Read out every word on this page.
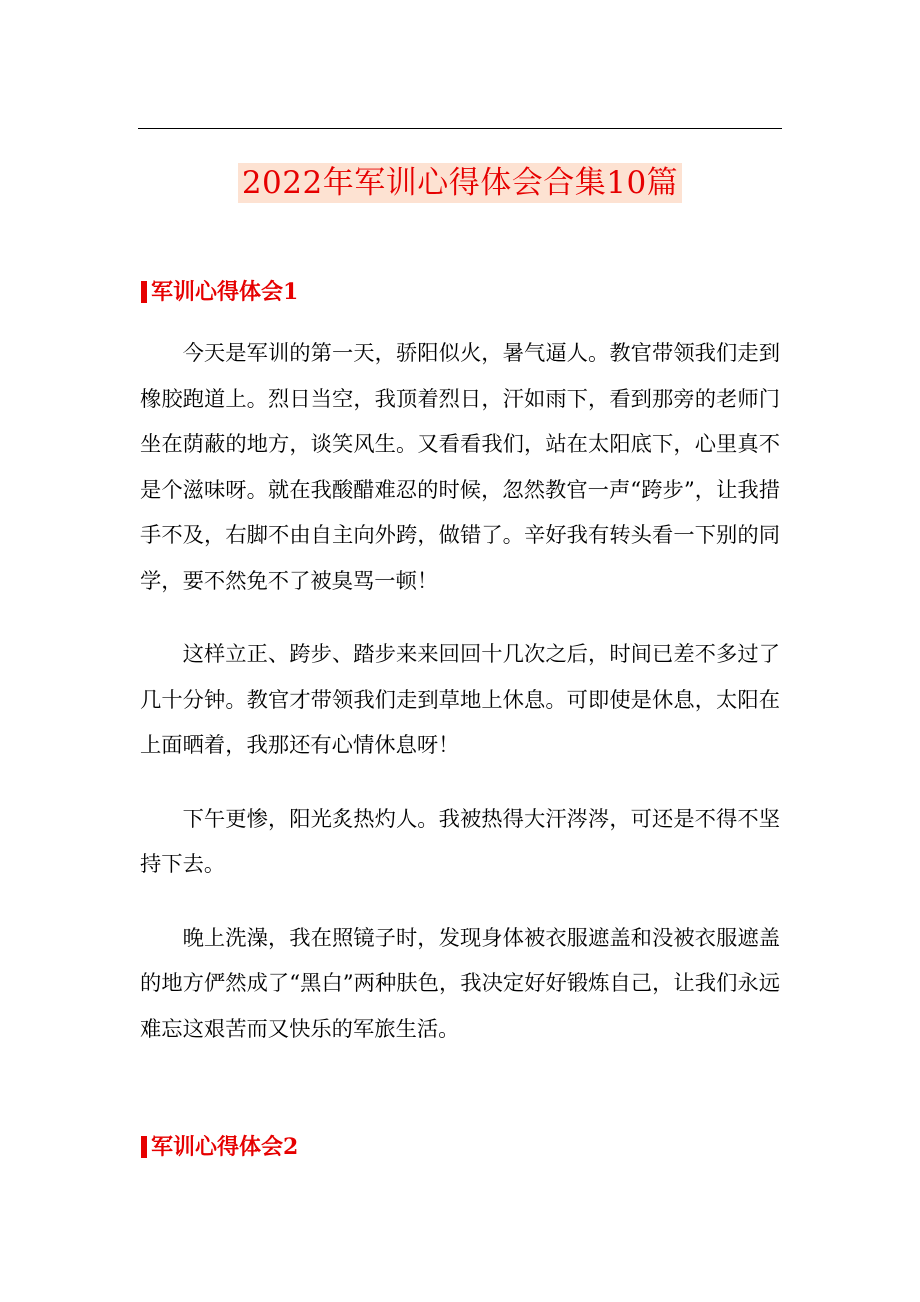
2022年军训心得体会合集10篇
军训心得体会1

今天是军训的第一天，骄阳似火，暑气逼人。教官带领我们走到橡胶跑道上。烈日当空，我顶着烈日，汗如雨下，看到那旁的老师门坐在荫蔽的地方，谈笑风生。又看看我们，站在太阳底下，心里真不是个滋味呀。就在我酸醋难忍的时候，忽然教官一声“跨步”，让我措手不及，右脚不由自主向外跨，做错了。辛好我有转头看一下别的同学，要不然免不了被臭骂一顿！

这样立正、跨步、踏步来来回回十几次之后，时间已差不多过了几十分钟。教官才带领我们走到草地上休息。可即使是休息，太阳在上面晒着，我那还有心情休息呀！

下午更惨，阳光炙热灼人。我被热得大汗涔涔，可还是不得不坚持下去。

晚上洗澡，我在照镜子时，发现身体被衣服遮盖和没被衣服遮盖的地方俨然成了“黑白”两种肤色，我决定好好锻炼自己，让我们永远难忘这艰苦而又快乐的军旅生活。

军训心得体会2
